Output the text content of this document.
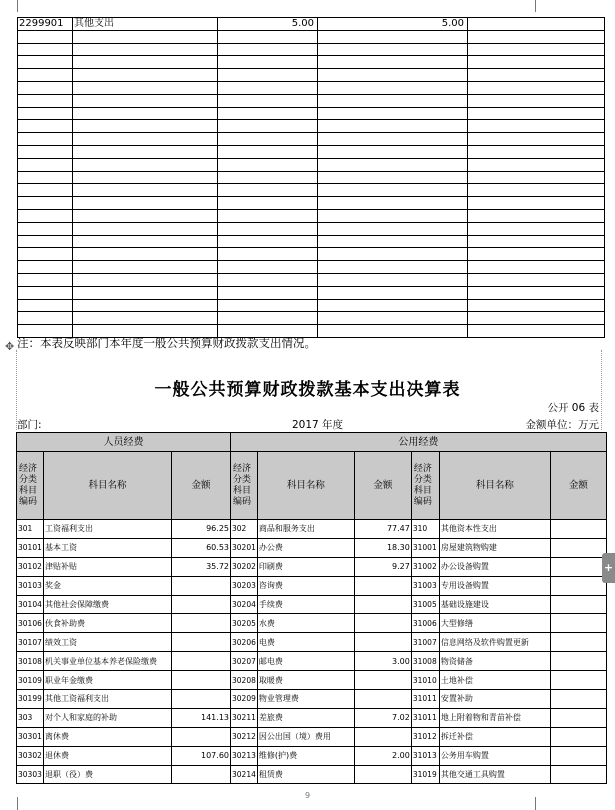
2299901	其他支出	5.00	5.00	

✥ 注：本表反映部门本年度一般公共预算财政拨款支出情况。
一般公共预算财政拨款基本支出决算表
公开 06 表
部门:	2017 年度	金额单位：万元
人员经费			公用经费					
经济分类科目编码	科目名称	金额	经济分类科目编码	科目名称	金额	经济分类科目编码	科目名称	金额
301	工资福利支出	96.25	302	商品和服务支出	77.47	310	其他资本性支出	
30101	基本工资	60.53	30201	办公费	18.30	31001	房屋建筑物购建	
30102	津贴补贴	35.72	30202	印刷费	9.27	31002	办公设备购置	
30103	奖金		30203	咨询费		31003	专用设备购置	
30104	其他社会保障缴费		30204	手续费		31005	基础设施建设	
30106	伙食补助费		30205	水费		31006	大型修缮	
30107	绩效工资		30206	电费		31007	信息网络及软件购置更新	
30108	机关事业单位基本养老保险缴费		30207	邮电费	3.00	31008	物资储备	
30109	职业年金缴费		30208	取暖费		31010	土地补偿	
30199	其他工资福利支出		30209	物业管理费		31011	安置补助	
303	对个人和家庭的补助	141.13	30211	差旅费	7.02	31011	地上附着物和青苗补偿	
30301	离休费		30212	因公出国（境）费用		31012	拆迁补偿	
30302	退休费	107.60	30213	维修(护)费	2.00	31013	公务用车购置	
30303	退职（役）费		30214	租赁费		31019	其他交通工具购置	
+
9
